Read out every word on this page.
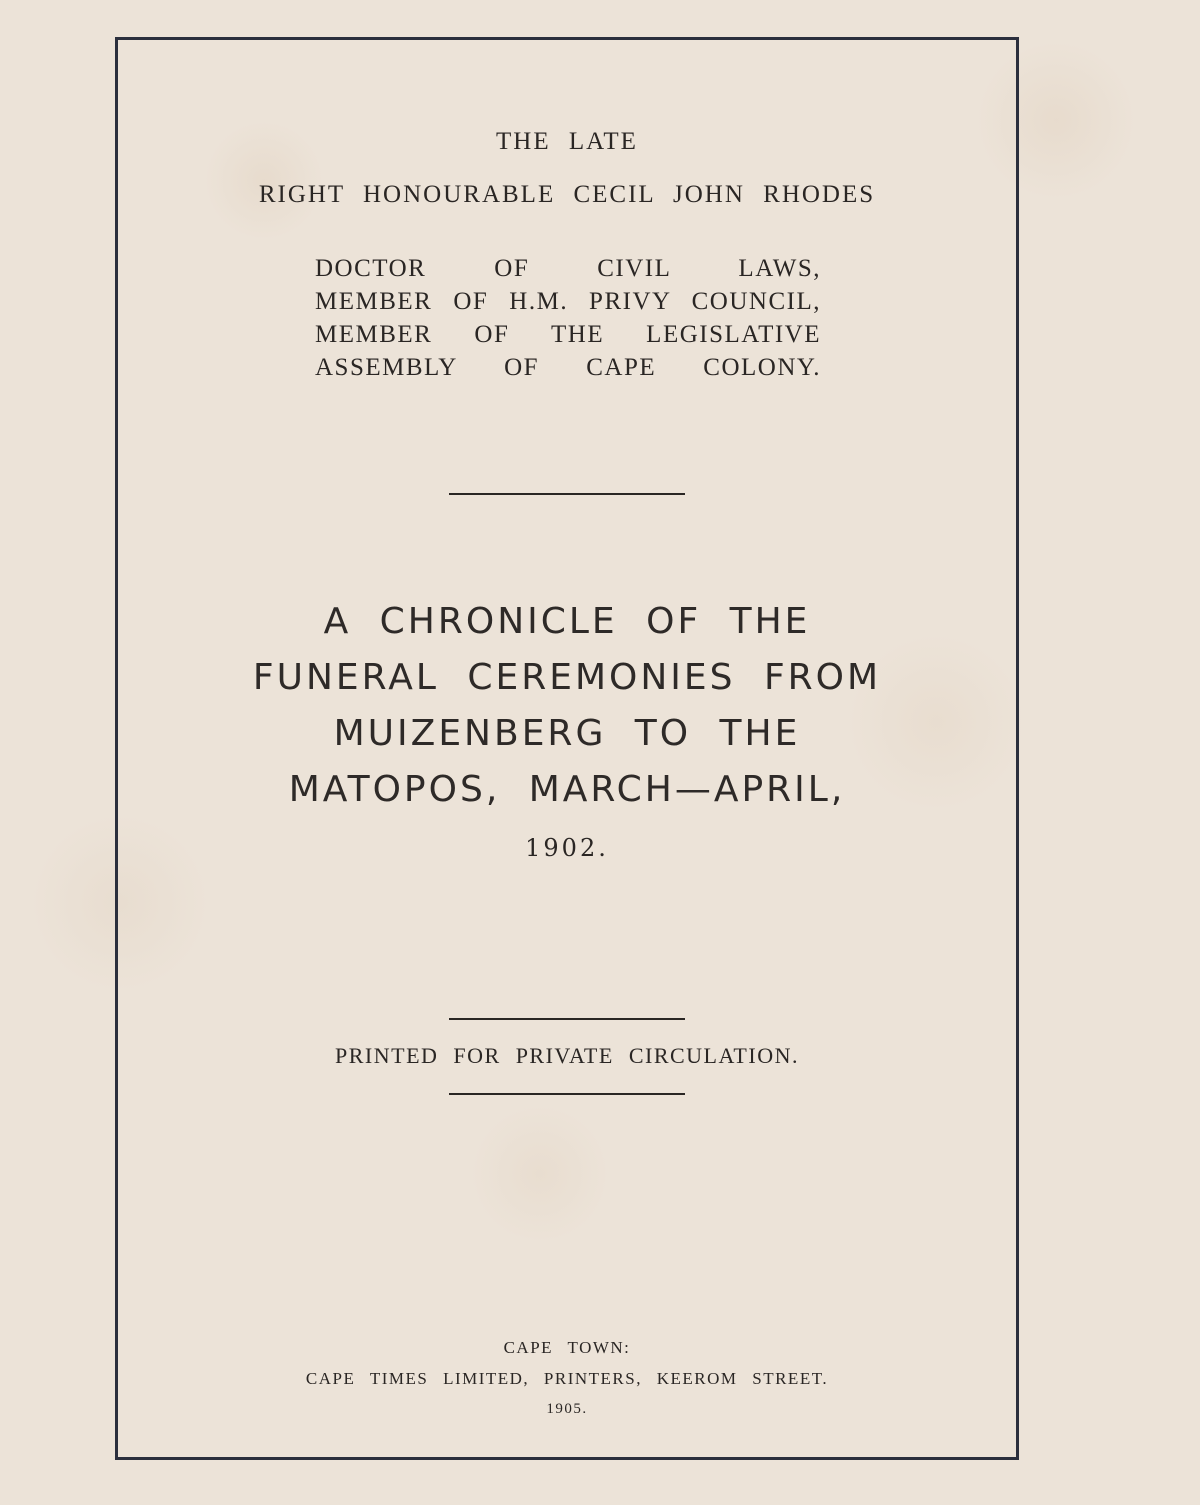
THE LATE
RIGHT HONOURABLE CECIL JOHN RHODES
DOCTOR OF CIVIL LAWS,
MEMBER OF H.M. PRIVY COUNCIL,
MEMBER OF THE LEGISLATIVE
ASSEMBLY OF CAPE COLONY.
A CHRONICLE OF THE
FUNERAL CEREMONIES FROM
MUIZENBERG TO THE
MATOPOS, MARCH—APRIL,
1902.
PRINTED FOR PRIVATE CIRCULATION.
CAPE TOWN:
CAPE TIMES LIMITED, PRINTERS, KEEROM STREET.
1905.
